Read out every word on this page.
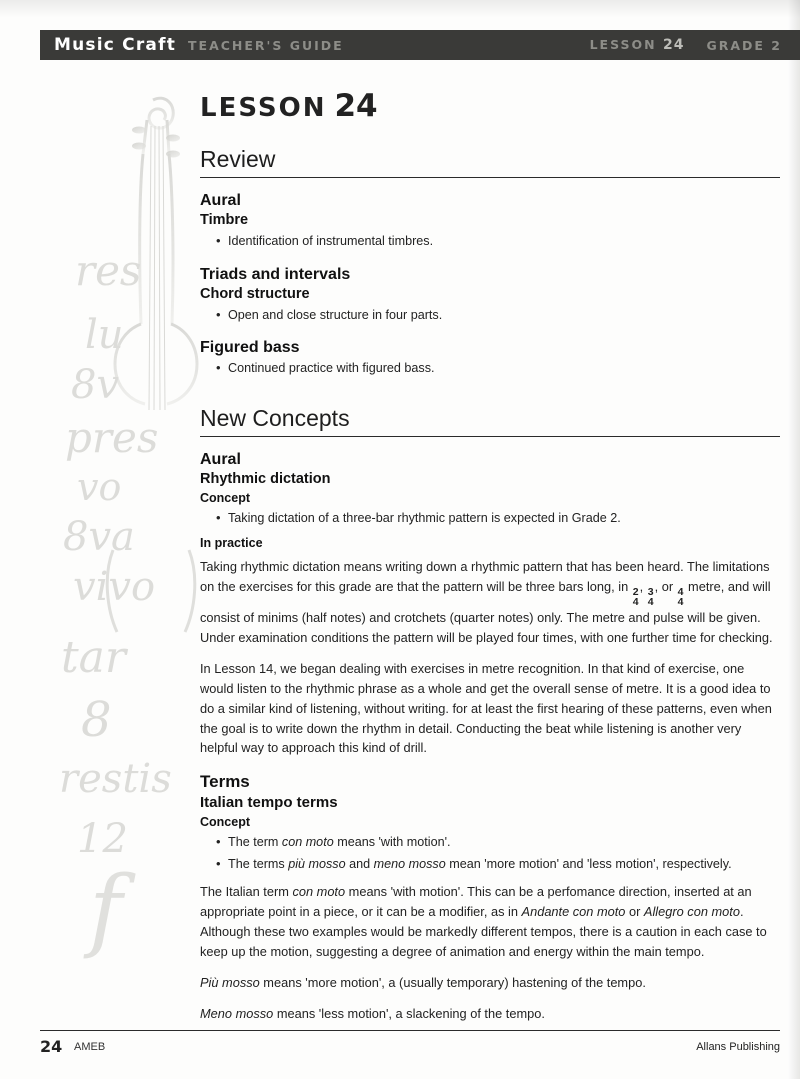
Music Craft TEACHER'S GUIDE	LESSON 24 GRADE 2
res
lu
8v
pres
vo
8va
vivo
tar
8
restis
12
f
LESSON 24
Review
Aural
Timbre
• Identification of instrumental timbres.
Triads and intervals
Chord structure
• Open and close structure in four parts.
Figured bass
• Continued practice with figured bass.
New Concepts
Aural
Rhythmic dictation
Concept
• Taking dictation of a three-bar rhythmic pattern is expected in Grade 2.
In practice

Taking rhythmic dictation means writing down a rhythmic pattern that has been heard. The limitations on the exercises for this grade are that the pattern will be three bars long, in 2
4
, 3
4
, or 4
4
metre, and will consist of minims (half notes) and crotchets (quarter notes) only. The metre and pulse will be given. Under examination conditions the pattern will be played four times, with one further time for checking.

In Lesson 14, we began dealing with exercises in metre recognition. In that kind of exercise, one would listen to the rhythmic phrase as a whole and get the overall sense of metre. It is a good idea to do a similar kind of listening, without writing. for at least the first hearing of these patterns, even when the goal is to write down the rhythm in detail. Conducting the beat while listening is another very helpful way to approach this kind of drill.

Terms
Italian tempo terms
Concept
• The term con moto means 'with motion'.
• The terms più mosso and meno mosso mean 'more motion' and 'less motion', respectively.

The Italian term con moto means 'with motion'. This can be a perfomance direction, inserted at an appropriate point in a piece, or it can be a modifier, as in Andante con moto or Allegro con moto. Although these two examples would be markedly different tempos, there is a caution in each case to keep up the motion, suggesting a degree of animation and energy within the main tempo.

Più mosso means 'more motion', a (usually temporary) hastening of the tempo.

Meno mosso means 'less motion', a slackening of the tempo.

24 AMEB	Allans Publishing
